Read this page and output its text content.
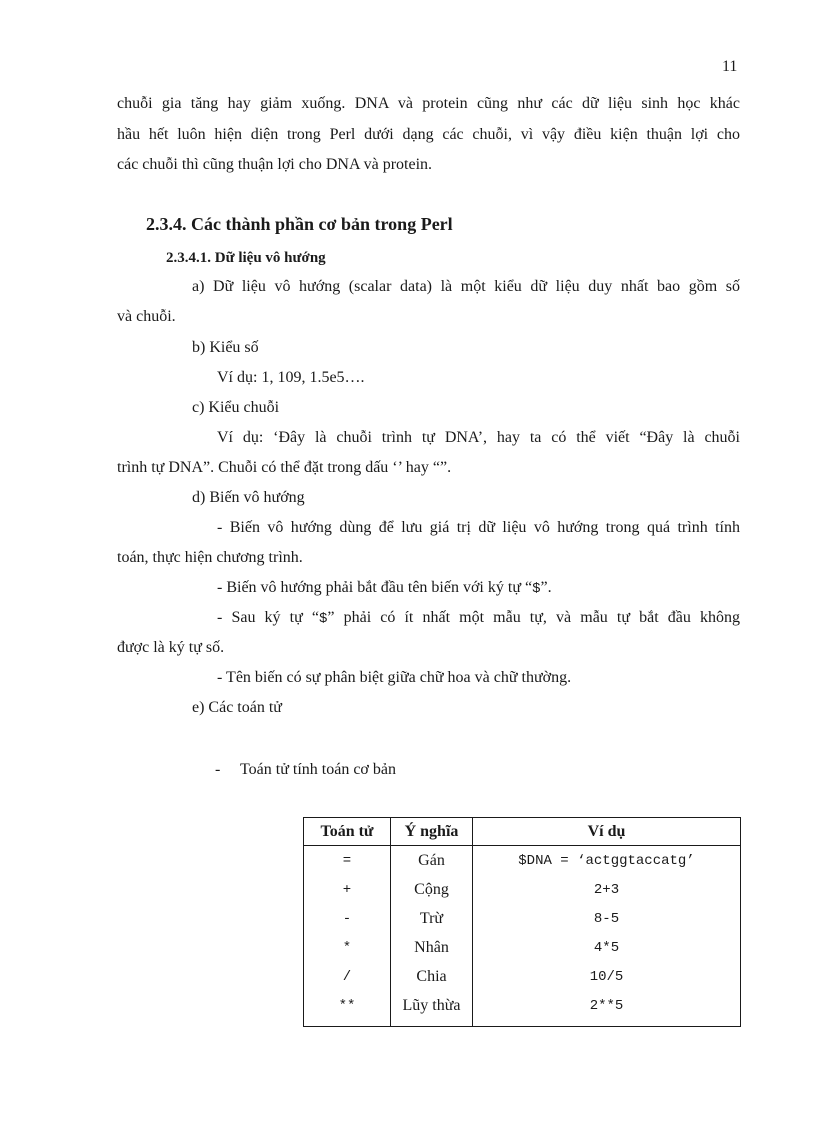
11
chuỗi gia tăng hay giảm xuống. DNA và protein cũng như các dữ liệu sinh học khác
hầu hết luôn hiện diện trong Perl dưới dạng các chuỗi, vì vậy điều kiện thuận lợi cho
các chuỗi thì cũng thuận lợi cho DNA và protein.
2.3.4. Các thành phần cơ bản trong Perl
2.3.4.1. Dữ liệu vô hướng
a) Dữ liệu vô hướng (scalar data) là một kiểu dữ liệu duy nhất bao gồm số
và chuỗi.
b) Kiểu số
Ví dụ: 1, 109, 1.5e5….
c) Kiểu chuỗi
Ví dụ: ‘Đây là chuỗi trình tự DNA’, hay ta có thể viết “Đây là chuỗi
trình tự DNA”. Chuỗi có thể đặt trong dấu ‘’ hay “”.
d) Biến vô hướng
- Biến vô hướng dùng để lưu giá trị dữ liệu vô hướng trong quá trình tính
toán, thực hiện chương trình.
- Biến vô hướng phải bắt đầu tên biến với ký tự “$”.
- Sau ký tự “$” phải có ít nhất một mẫu tự, và mẫu tự bắt đầu không
được là ký tự số.
- Tên biến có sự phân biệt giữa chữ hoa và chữ thường.
e) Các toán tử
- Toán tử tính toán cơ bản
Toán tử	Ý nghĩa	Ví dụ
=	Gán	$DNA = ‘actggtaccatg’
+	Cộng	2+3
-	Trừ	8-5
*	Nhân	4*5
/	Chia	10/5
**	Lũy thừa	2**5
